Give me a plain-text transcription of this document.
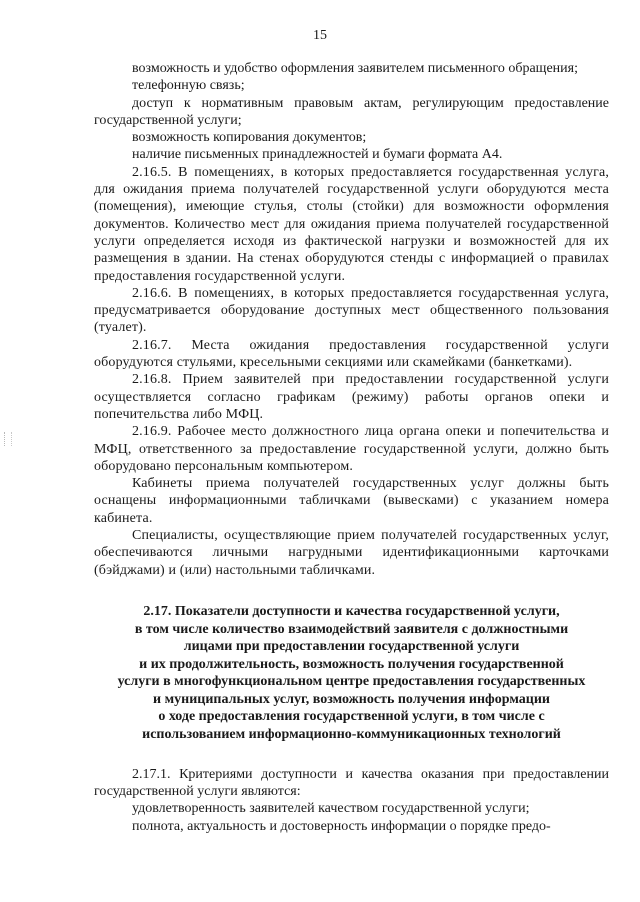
15

возможность и удобство оформления заявителем письменного обращения;

телефонную связь;

доступ к нормативным правовым актам, регулирующим предоставление государственной услуги;

возможность копирования документов;

наличие письменных принадлежностей и бумаги формата А4.

2.16.5. В помещениях, в которых предоставляется государственная услуга, для ожидания приема получателей государственной услуги оборудуются места (помещения), имеющие стулья, столы (стойки) для возможности оформления документов. Количество мест для ожидания приема получателей государственной услуги определяется исходя из фактической нагрузки и возможностей для их размещения в здании. На стенах оборудуются стенды с информацией о правилах предоставления государственной услуги.

2.16.6. В помещениях, в которых предоставляется государственная услуга, предусматривается оборудование доступных мест общественного пользования (туалет).

2.16.7. Места ожидания предоставления государственной услуги оборудуются стульями, кресельными секциями или скамейками (банкетками).

2.16.8. Прием заявителей при предоставлении государственной услуги осуществляется согласно графикам (режиму) работы органов опеки и попечительства либо МФЦ.

2.16.9. Рабочее место должностного лица органа опеки и попечительства и МФЦ, ответственного за предоставление государственной услуги, должно быть оборудовано персональным компьютером.

Кабинеты приема получателей государственных услуг должны быть оснащены информационными табличками (вывесками) с указанием номера кабинета.

Специалисты, осуществляющие прием получателей государственных услуг, обеспечиваются личными нагрудными идентификационными карточками (бэйджами) и (или) настольными табличками.

2.17. Показатели доступности и качества государственной услуги,
в том числе количество взаимодействий заявителя с должностными
лицами при предоставлении государственной услуги
и их продолжительность, возможность получения государственной
услуги в многофункциональном центре предоставления государственных
и муниципальных услуг, возможность получения информации
о ходе предоставления государственной услуги, в том числе с
использованием информационно-коммуникационных технологий

2.17.1. Критериями доступности и качества оказания при предоставлении государственной услуги являются:

удовлетворенность заявителей качеством государственной услуги;

полнота, актуальность и достоверность информации о порядке предо-
